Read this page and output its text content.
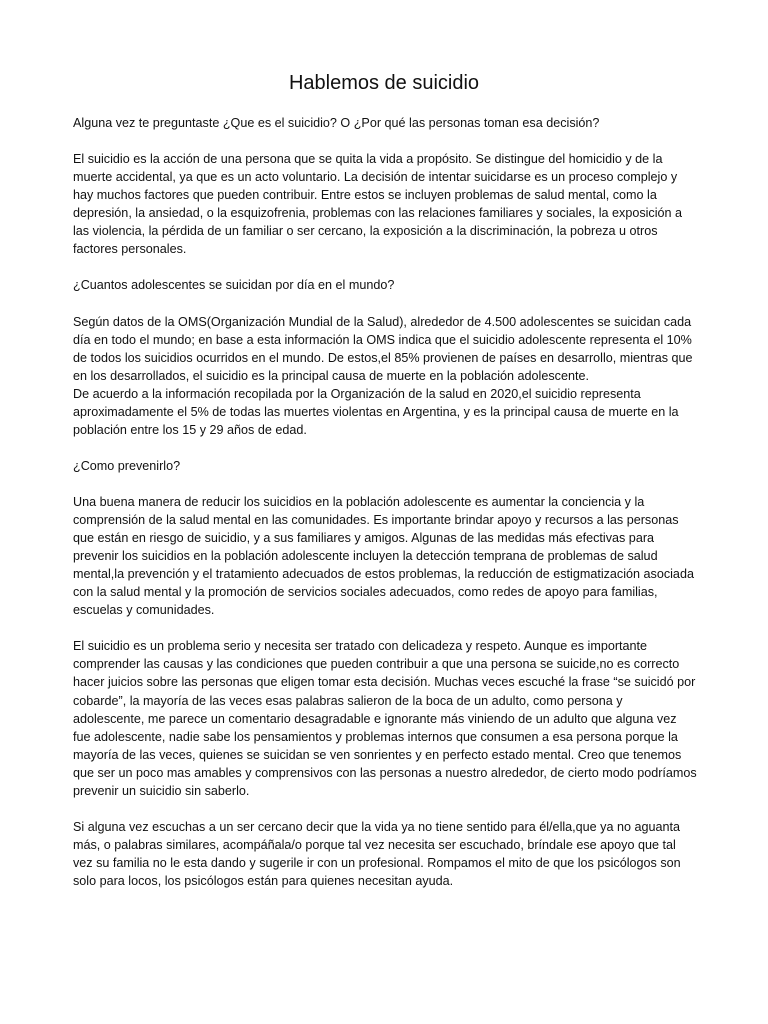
Hablemos de suicidio

Alguna vez te preguntaste ¿Que es el suicidio? O ¿Por qué las personas toman esa decisión?

El suicidio es la acción de una persona que se quita la vida a propósito. Se distingue del homicidio y de la muerte accidental, ya que es un acto voluntario. La decisión de intentar suicidarse es un proceso complejo y hay muchos factores que pueden contribuir. Entre estos se incluyen problemas de salud mental, como la depresión, la ansiedad, o la esquizofrenia, problemas con las relaciones familiares y sociales, la exposición a las violencia, la pérdida de un familiar o ser cercano, la exposición a la discriminación, la pobreza u otros factores personales.

¿Cuantos adolescentes se suicidan por día en el mundo?

Según datos de la OMS(Organización Mundial de la Salud), alrededor de 4.500 adolescentes se suicidan cada día en todo el mundo; en base a esta información la OMS indica que el suicidio adolescente representa el 10% de todos los suicidios ocurridos en el mundo. De estos,el 85% provienen de países en desarrollo, mientras que en los desarrollados, el suicidio es la principal causa de muerte en la población adolescente.

De acuerdo a la información recopilada por la Organización de la salud en 2020,el suicidio representa aproximadamente el 5% de todas las muertes violentas en Argentina, y es la principal causa de muerte en la población entre los 15 y 29 años de edad.

¿Como prevenirlo?

Una buena manera de reducir los suicidios en la población adolescente es aumentar la conciencia y la comprensión de la salud mental en las comunidades. Es importante brindar apoyo y recursos a las personas que están en riesgo de suicidio, y a sus familiares y amigos. Algunas de las medidas más efectivas para prevenir los suicidios en la población adolescente incluyen la detección temprana de problemas de salud mental,la prevención y el tratamiento adecuados de estos problemas, la reducción de estigmatización asociada con la salud mental y la promoción de servicios sociales adecuados, como redes de apoyo para familias, escuelas y comunidades.

El suicidio es un problema serio y necesita ser tratado con delicadeza y respeto. Aunque es importante comprender las causas y las condiciones que pueden contribuir a que una persona se suicide,no es correcto hacer juicios sobre las personas que eligen tomar esta decisión. Muchas veces escuché la frase “se suicidó por cobarde”, la mayoría de las veces esas palabras salieron de la boca de un adulto, como persona y adolescente, me parece un comentario desagradable e ignorante más viniendo de un adulto que alguna vez fue adolescente, nadie sabe los pensamientos y problemas internos que consumen a esa persona porque la mayoría de las veces, quienes se suicidan se ven sonrientes y en perfecto estado mental. Creo que tenemos que ser un poco mas amables y comprensivos con las personas a nuestro alrededor, de cierto modo podríamos prevenir un suicidio sin saberlo.

Si alguna vez escuchas a un ser cercano decir que la vida ya no tiene sentido para él/ella,que ya no aguanta más, o palabras similares, acompáñala/o porque tal vez necesita ser escuchado, bríndale ese apoyo que tal vez su familia no le esta dando y sugerile ir con un profesional. Rompamos el mito de que los psicólogos son solo para locos, los psicólogos están para quienes necesitan ayuda.
